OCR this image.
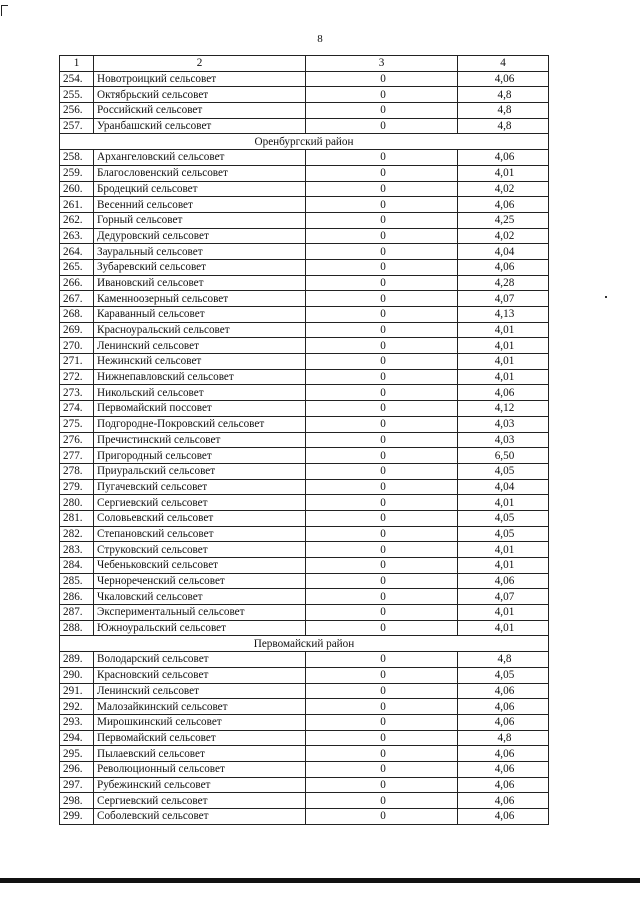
8
1	2	3	4
254.	Новотроицкий сельсовет	0	4,06
255.	Октябрьский сельсовет	0	4,8
256.	Российский сельсовет	0	4,8
257.	Уранбашский сельсовет	0	4,8
Оренбургский район			
258.	Архангеловский сельсовет	0	4,06
259.	Благословенский сельсовет	0	4,01
260.	Бродецкий сельсовет	0	4,02
261.	Весенний сельсовет	0	4,06
262.	Горный сельсовет	0	4,25
263.	Дедуровский сельсовет	0	4,02
264.	Зауральный сельсовет	0	4,04
265.	Зубаревский сельсовет	0	4,06
266.	Ивановский сельсовет	0	4,28
267.	Каменноозерный сельсовет	0	4,07
268.	Караванный сельсовет	0	4,13
269.	Красноуральский сельсовет	0	4,01
270.	Ленинский сельсовет	0	4,01
271.	Нежинский сельсовет	0	4,01
272.	Нижнепавловский сельсовет	0	4,01
273.	Никольский сельсовет	0	4,06
274.	Первомайский поссовет	0	4,12
275.	Подгородне-Покровский сельсовет	0	4,03
276.	Пречистинский сельсовет	0	4,03
277.	Пригородный сельсовет	0	6,50
278.	Приуральский сельсовет	0	4,05
279.	Пугачевский сельсовет	0	4,04
280.	Сергиевский сельсовет	0	4,01
281.	Соловьевский сельсовет	0	4,05
282.	Степановский сельсовет	0	4,05
283.	Струковский сельсовет	0	4,01
284.	Чебеньковский сельсовет	0	4,01
285.	Чернореченский сельсовет	0	4,06
286.	Чкаловский сельсовет	0	4,07
287.	Экспериментальный сельсовет	0	4,01
288.	Южноуральский сельсовет	0	4,01
Первомайский район			
289.	Володарский сельсовет	0	4,8
290.	Красновский сельсовет	0	4,05
291.	Ленинский сельсовет	0	4,06
292.	Малозайкинский сельсовет	0	4,06
293.	Мирошкинский сельсовет	0	4,06
294.	Первомайский сельсовет	0	4,8
295.	Пылаевский сельсовет	0	4,06
296.	Революционный сельсовет	0	4,06
297.	Рубежинский сельсовет	0	4,06
298.	Сергиевский сельсовет	0	4,06
299.	Соболевский сельсовет	0	4,06
